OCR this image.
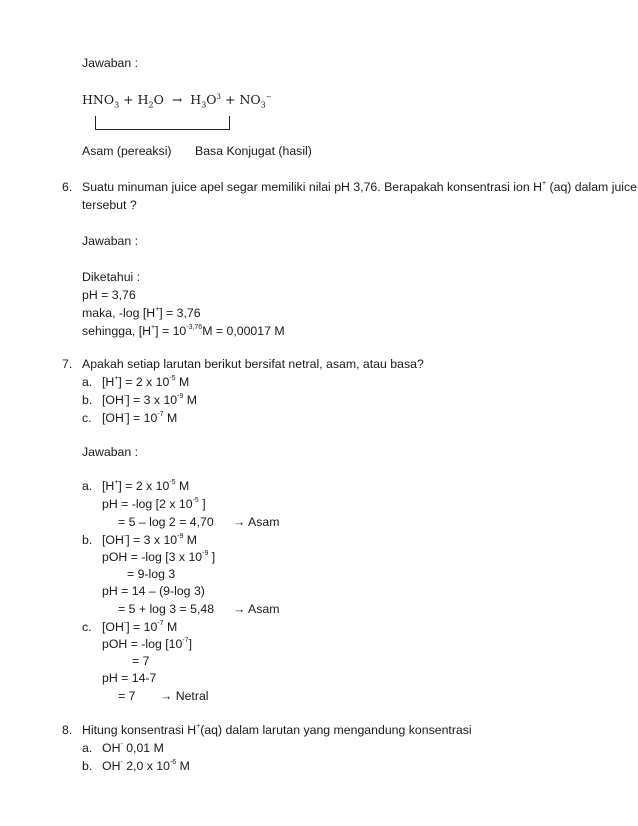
Jawaban :
$HNO_3 + H_2O \to H_3O^3 + NO_3^-$
Asam (pereaksi) Basa Konjugat (hasil)
6. Suatu minuman juice apel segar memiliki nilai pH 3,76. Berapakah konsentrasi ion H+ (aq) dalam juice
tersebut ?
Jawaban :
Diketahui :
pH = 3,76
maka, -log [H+] = 3,76
sehingga, $[H^+] = 10^{-3,76}M = 0,00017$ M
7. Apakah setiap larutan berikut bersifat netral, asam, atau basa?
a. [H+] = 2 x $10^{-5}$ M
b. [OH-] = 3 x $10^{-9}$ M
c. $[OH^-] = 10^{-7}$ M
Jawaban :
a. [H+] = 2 x $10^{-5}$ M
pH = -log [2 x $10^{-5}$ ]
= 5 – log 2 = 4,70 → Asam
b. [OH-] = 3 x $10^{-9}$ M
pOH = -log [3 x $10^{-9}$ ]
= 9-log 3
pH = 14 – (9-log 3)
= 5 + log 3 = 5,48 → Asam
c. $[OH^-] = 10^{-7}$ M
pOH = -log $[10^{-7}]$
= 7
pH = 14-7
= 7 → Netral
8. Hitung konsentrasi H+(aq) dalam larutan yang mengandung konsentrasi
a. OH- 0,01 M
b. OH- 2,0 x $10^{-6}$ M
